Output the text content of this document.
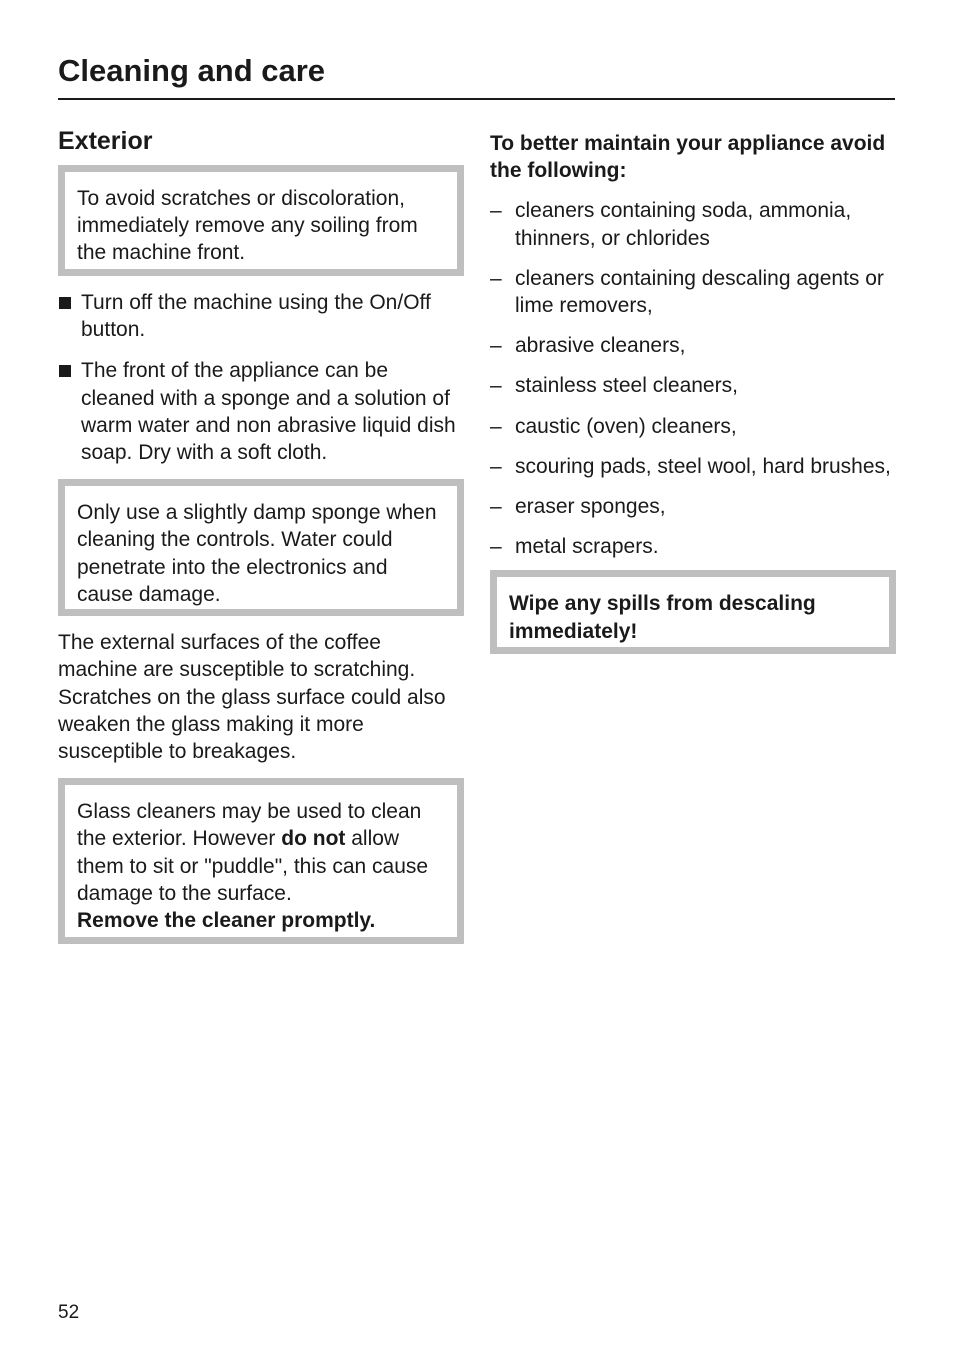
Cleaning and care
Exterior
To avoid scratches or discoloration, immediately remove any soiling from the machine front.
Turn off the machine using the On/Off button.
The front of the appliance can be cleaned with a sponge and a solution of warm water and non abrasive liquid dish soap. Dry with a soft cloth.
Only use a slightly damp sponge when cleaning the controls. Water could penetrate into the electronics and cause damage.

The external surfaces of the coffee machine are susceptible to scratching. Scratches on the glass surface could also weaken the glass making it more susceptible to breakages.

Glass cleaners may be used to clean the exterior. However do not allow them to sit or "puddle", this can cause damage to the surface.
Remove the cleaner promptly.
To better maintain your appliance avoid the following:
– cleaners containing soda, ammonia, thinners, or chlorides
– cleaners containing descaling agents or lime removers,
– abrasive cleaners,
– stainless steel cleaners,
– caustic (oven) cleaners,
– scouring pads, steel wool, hard brushes,
– eraser sponges,
– metal scrapers.
Wipe any spills from descaling immediately!
52
